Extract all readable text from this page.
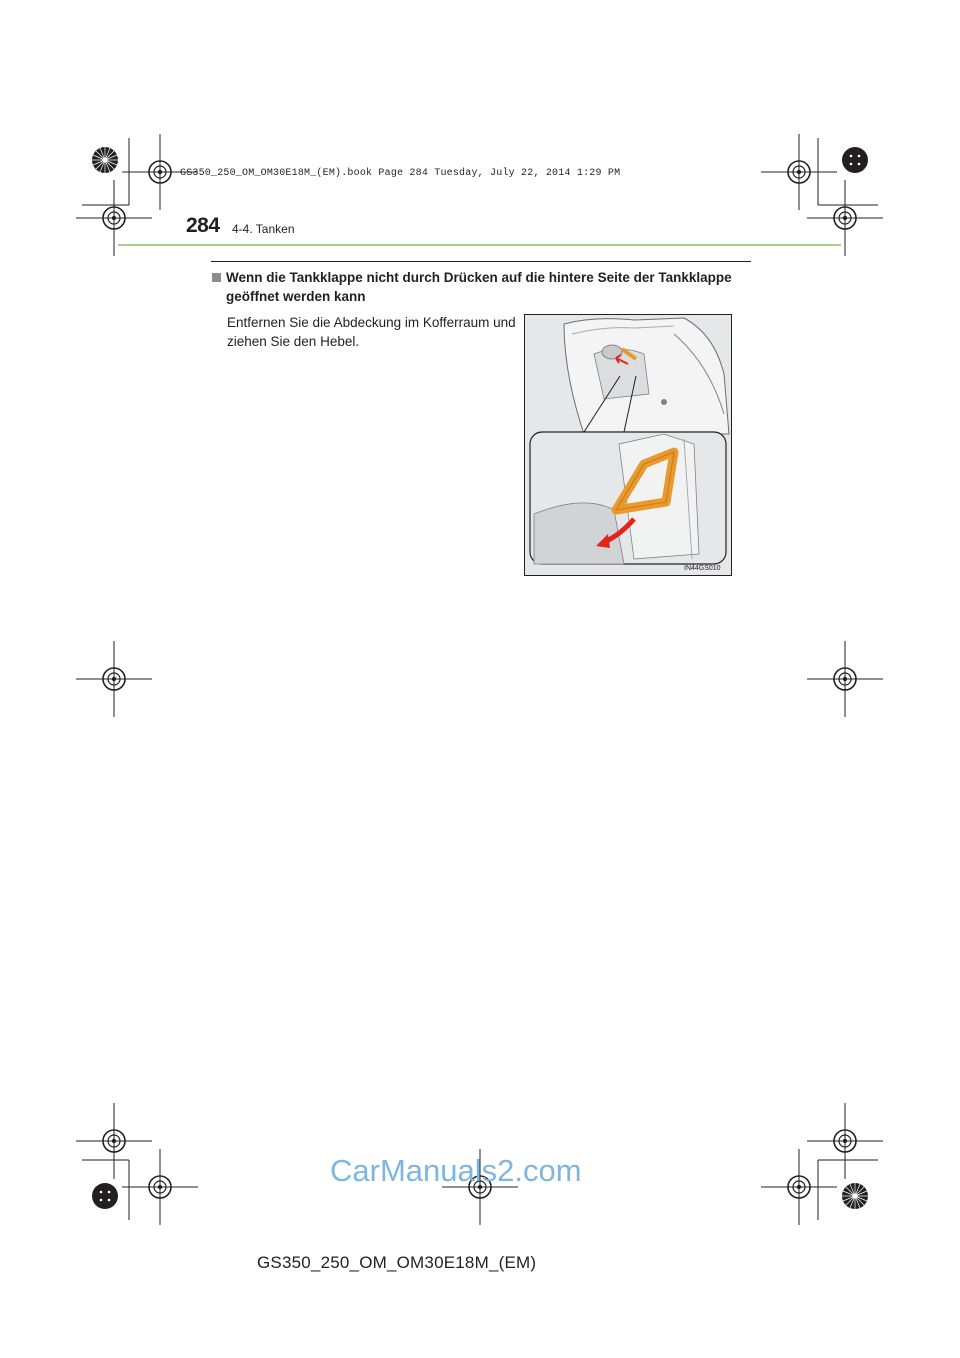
GS350_250_OM_OM30E18M_(EM).book Page 284 Tuesday, July 22, 2014 1:29 PM
284 4-4. Tanken
Wenn die Tankklappe nicht durch Drücken auf die hintere Seite der Tankklappe geöffnet werden kann
Entfernen Sie die Abdeckung im Kofferraum und ziehen Sie den Hebel.
IN44GS010
CarManuals2.com
GS350_250_OM_OM30E18M_(EM)
